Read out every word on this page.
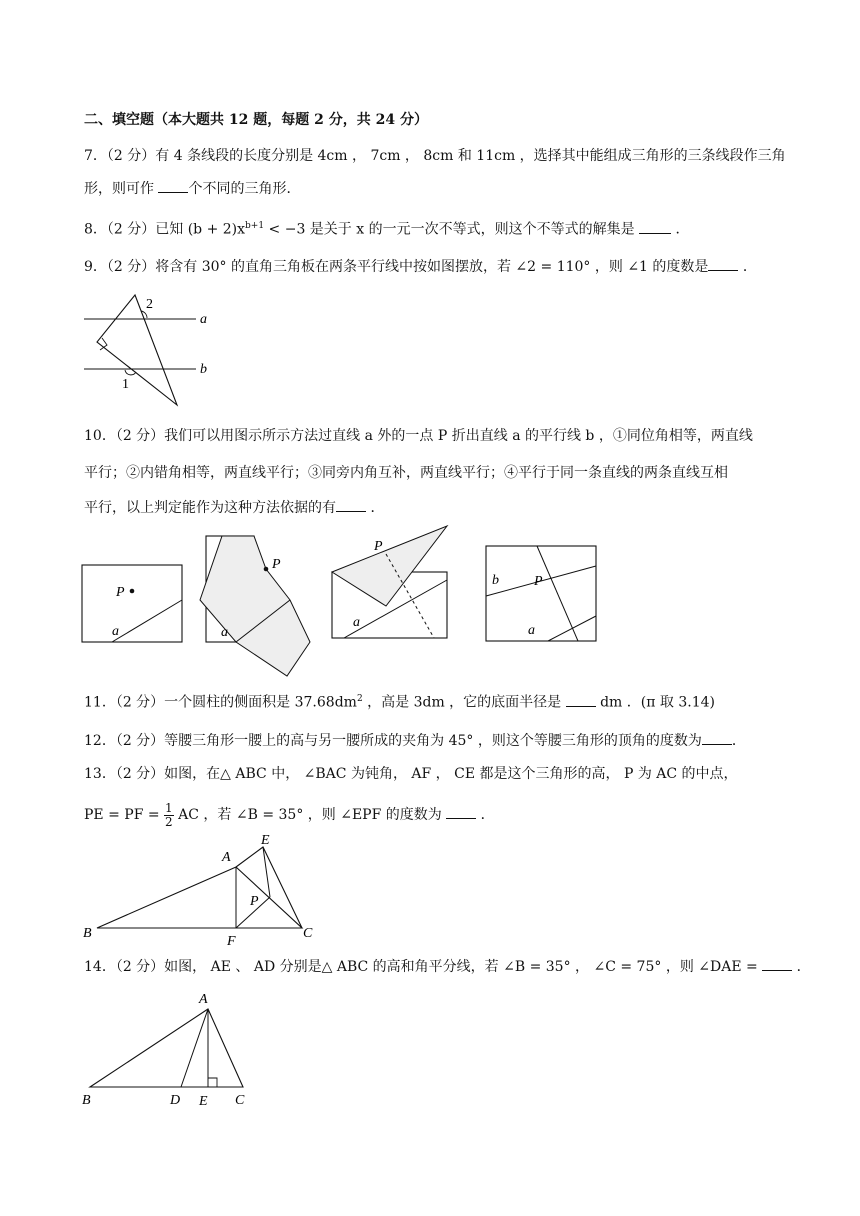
二、填空题（本大题共 12 题，每题 2 分，共 24 分）
7．（2 分）有 4 条线段的长度分别是 4cm ， 7cm ， 8cm 和 11cm ，选择其中能组成三角形的三条线段作三角
形，则可作 个不同的三角形．
8．（2 分）已知 $(b + 2)x^{b+1} < -3$ 是关于 x 的一元一次不等式，则这个不等式的解集是  ．
9．（2 分）将含有 30° 的直角三角板在两条平行线中按如图摆放，若 ∠2 = 110° ，则 ∠1 的度数是 ．
2
1
a
b
10．（2 分）我们可以用图示所示方法过直线 a 外的一点 P 折出直线 a 的平行线 b ，①同位角相等，两直线
平行；②内错角相等，两直线平行；③同旁内角互补，两直线平行；④平行于同一条直线的两条直线互相
平行，以上判定能作为这种方法依据的有 ．
P
a
P
a
P
a
b	P
a
11．（2 分）一个圆柱的侧面积是 $37.68dm^2$ ，高是 3dm ，它的底面半径是  dm ．(π 取 3.14)
12．（2 分）等腰三角形一腰上的高与另一腰所成的夹角为 45° ，则这个等腰三角形的顶角的度数为 ．
13．（2 分）如图，在△ ABC 中， ∠BAC 为钝角， AF ， CE 都是这个三角形的高， P 为 AC 的中点，
PE = PF = $\frac{1}{2}$ AC ，若 ∠B = 35° ，则 ∠EPF 的度数为  ．
A
E
B
F
C
P
14．（2 分）如图， AE 、 AD 分别是△ ABC 的高和角平分线，若 ∠B = 35° ， ∠C = 75° ，则 ∠DAE =  ．
A
B	D E C
